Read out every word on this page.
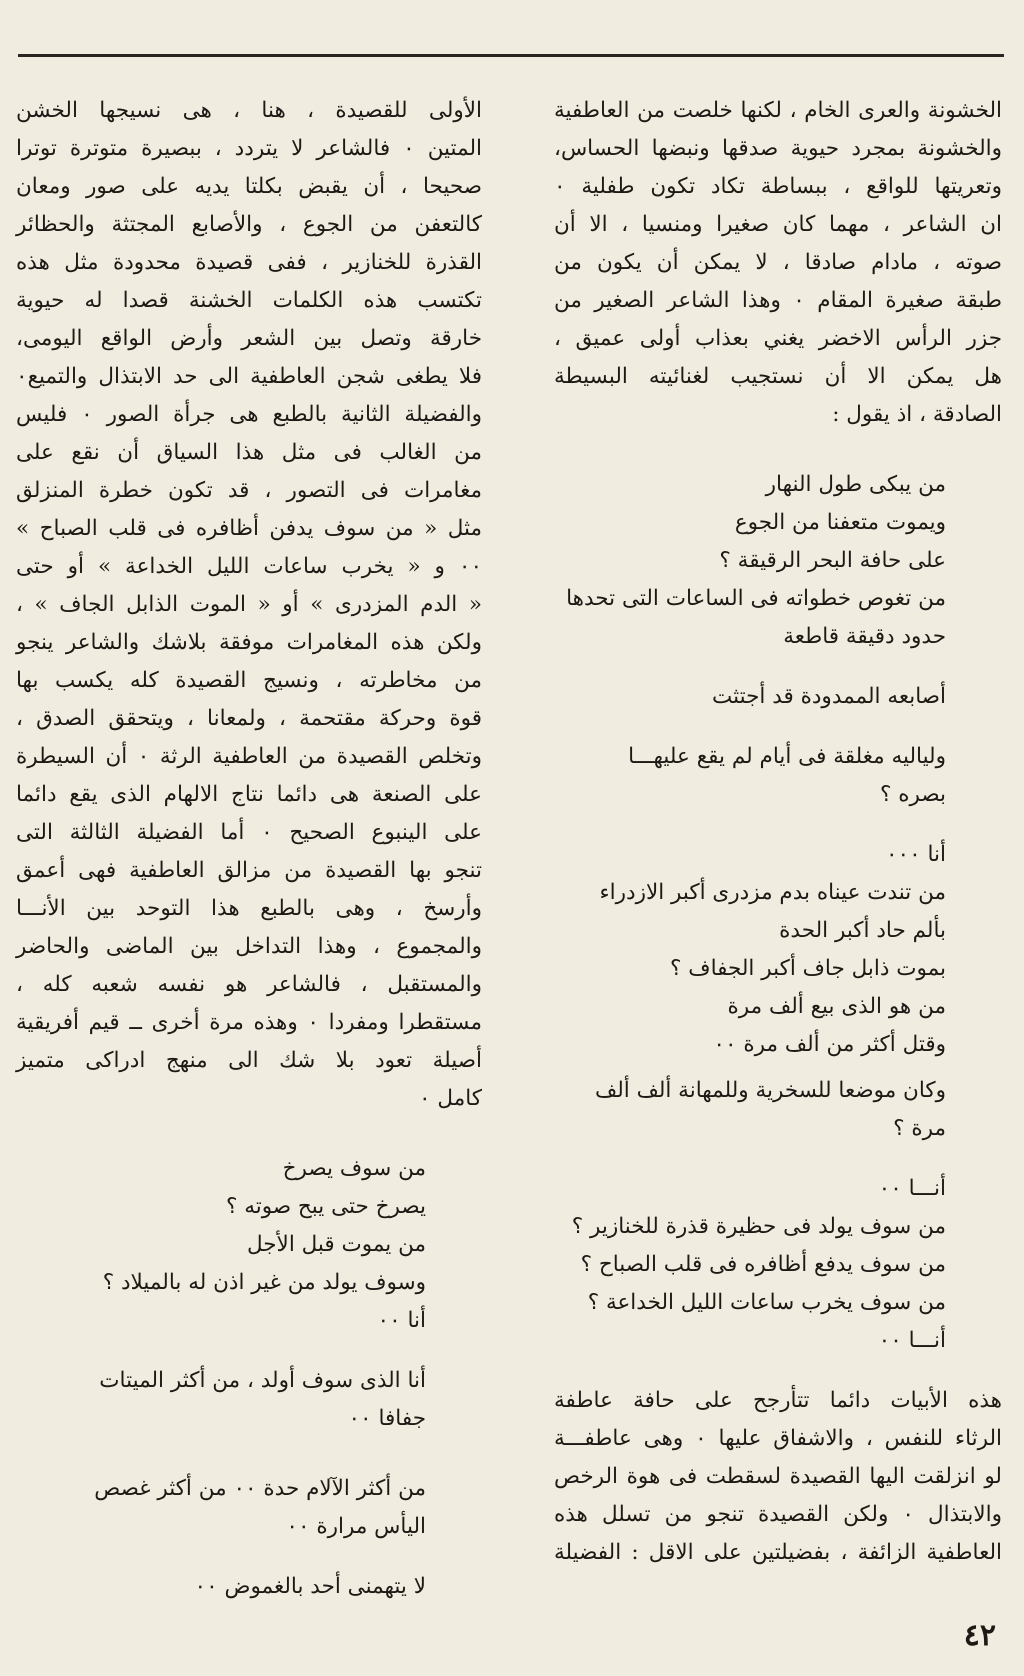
الخشونة والعرى الخام ، لكنها خلصت من العاطفية
والخشونة بمجرد حيوية صدقها ونبضها الحساس،
وتعريتها للواقع ، ببساطة تكاد تكون طفلية ٠
ان الشاعر ، مهما كان صغيرا ومنسيا ، الا أن
صوته ، مادام صادقا ، لا يمكن أن يكون من
طبقة صغيرة المقام ٠ وهذا الشاعر الصغير من
جزر الرأس الاخضر يغني بعذاب أولى عميق ،
هل يمكن الا أن نستجيب لغنائيته البسيطة
الصادقة ، اذ يقول :
من يبكى طول النهار
ويموت متعفنا من الجوع
على حافة البحر الرقيقة ؟
من تغوص خطواته فى الساعات التى تحدها
حدود دقيقة قاطعة
أصابعه الممدودة قد أجتثت
ولياليه مغلقة فى أيام لم يقع عليهـــا
بصره ؟
أنا ٠٠٠
من تندت عيناه بدم مزدرى أكبر الازدراء
بألم حاد أكبر الحدة
بموت ذابل جاف أكبر الجفاف ؟
من هو الذى بيع ألف مرة
وقتل أكثر من ألف مرة ٠٠
وكان موضعا للسخرية وللمهانة ألف ألف
مرة ؟
أنـــا ٠٠
من سوف يولد فى حظيرة قذرة للخنازير ؟
من سوف يدفع أظافره فى قلب الصباح ؟
من سوف يخرب ساعات الليل الخداعة ؟
أنـــا ٠٠
هذه الأبيات دائما تتأرجح على حافة عاطفة
الرثاء للنفس ، والاشفاق عليها ٠ وهى عاطفـــة
لو انزلقت اليها القصيدة لسقطت فى هوة الرخص
والابتذال ٠ ولكن القصيدة تنجو من تسلل هذه
العاطفية الزائفة ، بفضيلتين على الاقل : الفضيلة
الأولى للقصيدة ، هنا ، هى نسيجها الخشن
المتين ٠ فالشاعر لا يتردد ، ببصيرة متوترة توترا
صحيحا ، أن يقبض بكلتا يديه على صور ومعان
كالتعفن من الجوع ، والأصابع المجتثة والحظائر
القذرة للخنازير ، ففى قصيدة محدودة مثل هذه
تكتسب هذه الكلمات الخشنة قصدا له حيوية
خارقة وتصل بين الشعر وأرض الواقع اليومى،
فلا يطغى شجن العاطفية الى حد الابتذال والتميع٠
والفضيلة الثانية بالطبع هى جرأة الصور ٠ فليس
من الغالب فى مثل هذا السياق أن نقع على
مغامرات فى التصور ، قد تكون خطرة المنزلق
مثل « من سوف يدفن أظافره فى قلب الصباح »
٠٠ و « يخرب ساعات الليل الخداعة » أو حتى
« الدم المزدرى » أو « الموت الذابل الجاف » ،
ولكن هذه المغامرات موفقة بلاشك والشاعر ينجو
من مخاطرته ، ونسيج القصيدة كله يكسب بها
قوة وحركة مقتحمة ، ولمعانا ، ويتحقق الصدق ،
وتخلص القصيدة من العاطفية الرثة ٠ أن السيطرة
على الصنعة هى دائما نتاج الالهام الذى يقع دائما
على الينبوع الصحيح ٠ أما الفضيلة الثالثة التى
تنجو بها القصيدة من مزالق العاطفية فهى أعمق
وأرسخ ، وهى بالطبع هذا التوحد بين الأنـــا
والمجموع ، وهذا التداخل بين الماضى والحاضر
والمستقبل ، فالشاعر هو نفسه شعبه كله ،
مستقطرا ومفردا ٠ وهذه مرة أخرى ــ قيم أفريقية
أصيلة تعود بلا شك الى منهج ادراكى متميز
كامل ٠
من سوف يصرخ
يصرخ حتى يبح صوته ؟
من يموت قبل الأجل
وسوف يولد من غير اذن له بالميلاد ؟
أنا ٠٠
أنا الذى سوف أولد ، من أكثر الميتات
جفافا ٠٠
من أكثر الآلام حدة ٠٠ من أكثر غصص
اليأس مرارة ٠٠
لا يتهمنى أحد بالغموض ٠٠
٤٢
